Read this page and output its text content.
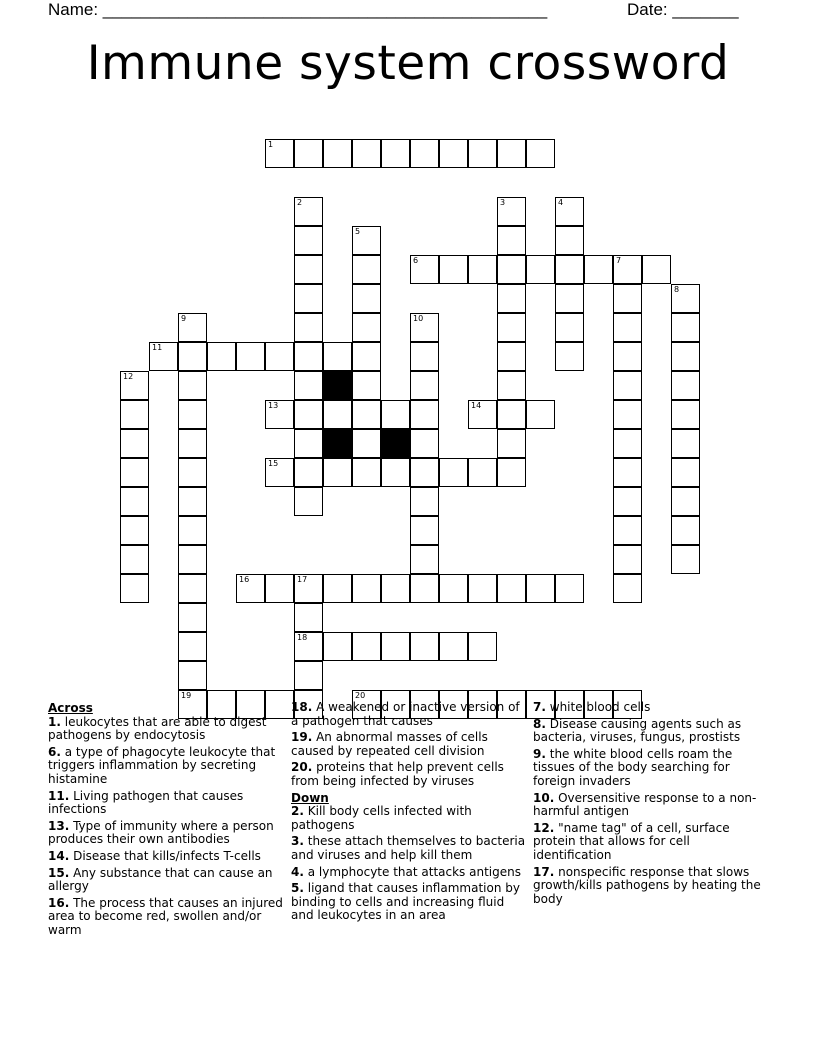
Name: _______________________________________________	Date: _______
Immune system crossword
1
2	3	4
5
6	7
8
9	10
11
12
13	14
15
16	17
18
19	20
Across
1. leukocytes that are able to digest pathogens by endocytosis
6. a type of phagocyte leukocyte that triggers inflammation by secreting histamine
11. Living pathogen that causes infections
13. Type of immunity where a person produces their own antibodies
14. Disease that kills/infects T-cells
15. Any substance that can cause an allergy
16. The process that causes an injured area to become red, swollen and/or warm
18. A weakened or inactive version of a pathogen that causes
19. An abnormal masses of cells caused by repeated cell division
20. proteins that help prevent cells from being infected by viruses
Down
2. Kill body cells infected with pathogens
3. these attach themselves to bacteria and viruses and help kill them
4. a lymphocyte that attacks antigens
5. ligand that causes inflammation by binding to cells and increasing fluid and leukocytes in an area
7. white blood cells
8. Disease causing agents such as bacteria, viruses, fungus, prostists
9. the white blood cells roam the tissues of the body searching for foreign invaders
10. Oversensitive response to a non-harmful antigen
12. "name tag" of a cell, surface protein that allows for cell identification
17. nonspecific response that slows growth/kills pathogens by heating the body
